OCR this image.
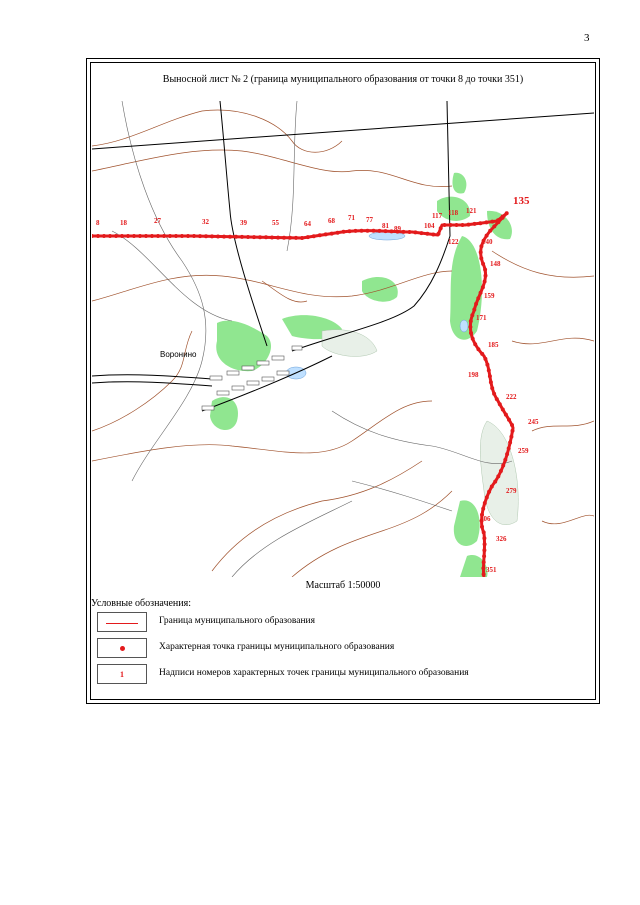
3
Выносной лист № 2 (граница муниципального образования от точки 8 до точки 351)
Воронино
8	18	27	32	39	55	64 68 71 77
81 89	104
117 118 121
135
122	140
148
159
171
185
198
222
245
259
279
306
326
351
Масштаб 1:50000
Условные обозначения:
Граница муниципального образования
Характерная точка границы муниципального образования
1	Надписи номеров характерных точек границы муниципального образования
